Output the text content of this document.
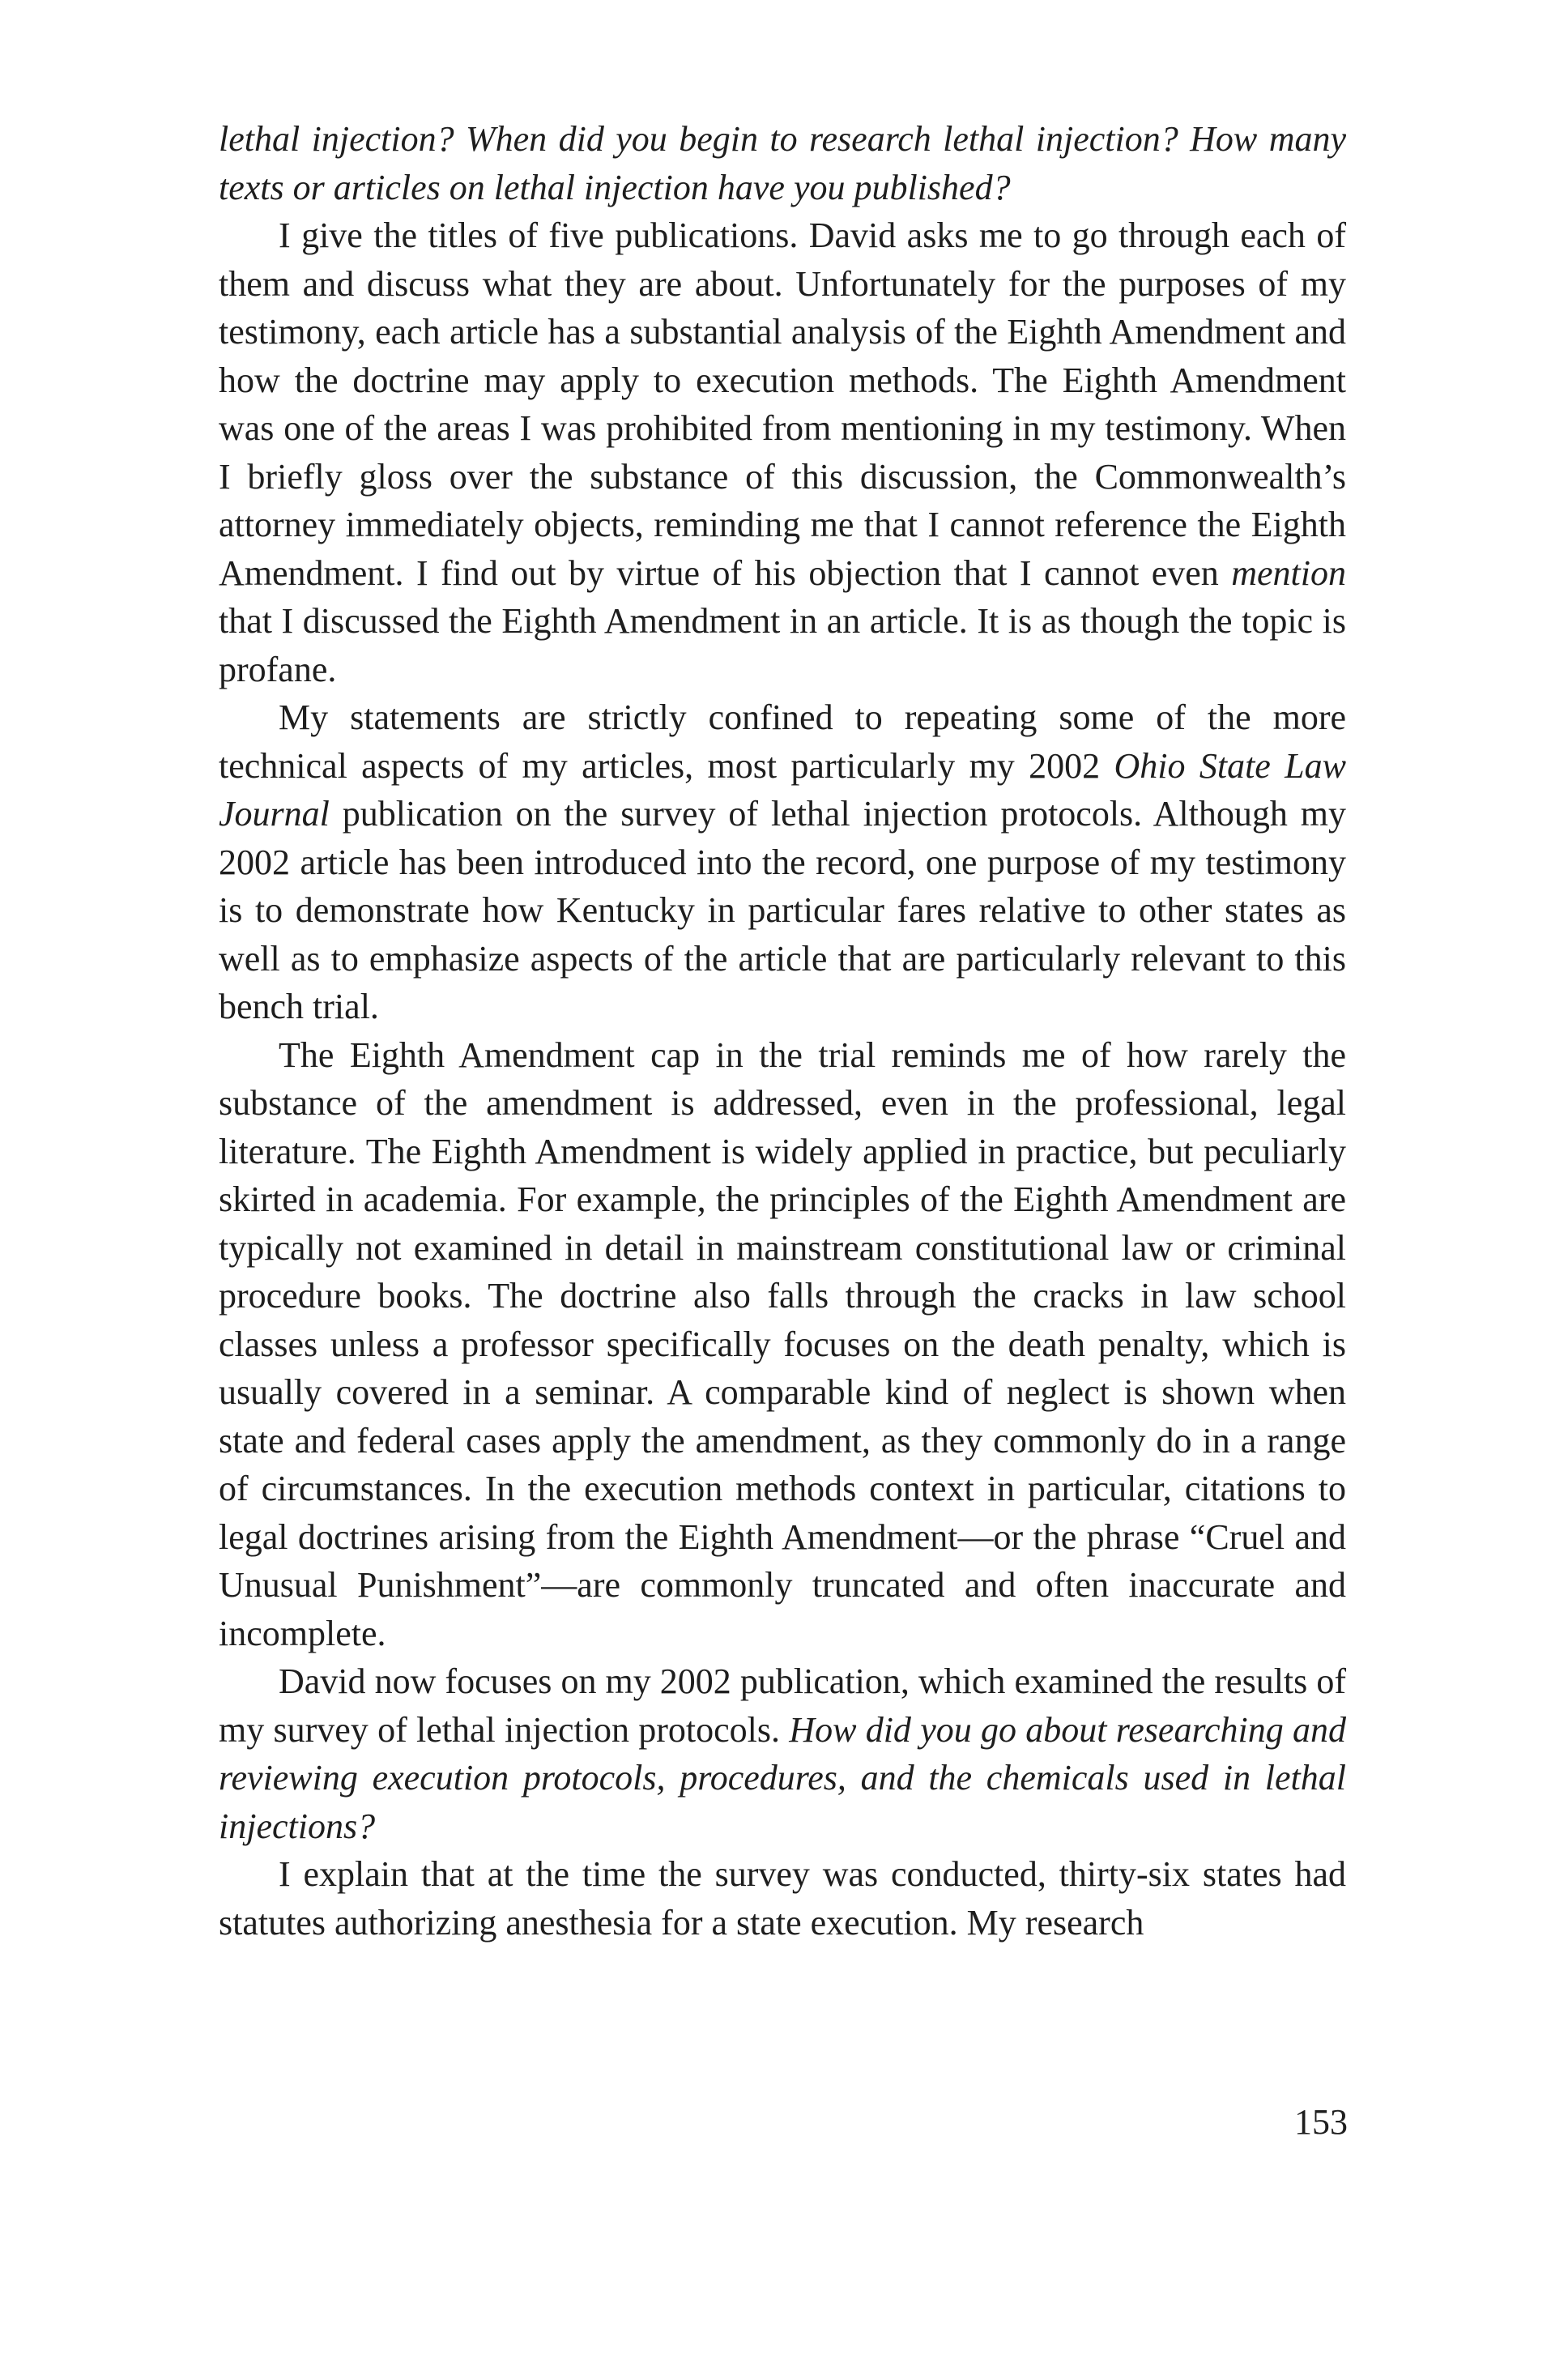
lethal injection? When did you begin to research lethal injection? How many texts or articles on lethal injection have you published?

I give the titles of five publications. David asks me to go through each of them and discuss what they are about. Unfortunately for the purposes of my testimony, each article has a substantial analysis of the Eighth Amendment and how the doctrine may apply to execution methods. The Eighth Amendment was one of the areas I was prohibited from mentioning in my testimony. When I briefly gloss over the substance of this discussion, the Commonwealth’s attorney immediately objects, reminding me that I cannot reference the Eighth Amendment. I find out by virtue of his objection that I cannot even mention that I discussed the Eighth Amendment in an article. It is as though the topic is profane.

My statements are strictly confined to repeating some of the more technical aspects of my articles, most particularly my 2002 Ohio State Law Journal publication on the survey of lethal injection protocols. Although my 2002 article has been introduced into the record, one purpose of my testimony is to demonstrate how Kentucky in particular fares relative to other states as well as to emphasize aspects of the article that are particularly relevant to this bench trial.

The Eighth Amendment cap in the trial reminds me of how rarely the substance of the amendment is addressed, even in the professional, legal literature. The Eighth Amendment is widely applied in practice, but peculiarly skirted in academia. For example, the principles of the Eighth Amendment are typically not examined in detail in mainstream constitutional law or criminal procedure books. The doctrine also falls through the cracks in law school classes unless a professor specifically focuses on the death penalty, which is usually covered in a seminar. A comparable kind of neglect is shown when state and federal cases apply the amendment, as they commonly do in a range of circumstances. In the execution methods context in particular, citations to legal doctrines arising from the Eighth Amendment—or the phrase “Cruel and Unusual Punishment”—are commonly truncated and often inaccurate and incomplete.

David now focuses on my 2002 publication, which examined the results of my survey of lethal injection protocols. How did you go about researching and reviewing execution protocols, procedures, and the chemicals used in lethal injections?

I explain that at the time the survey was conducted, thirty-six states had statutes authorizing anesthesia for a state execution. My research

153
